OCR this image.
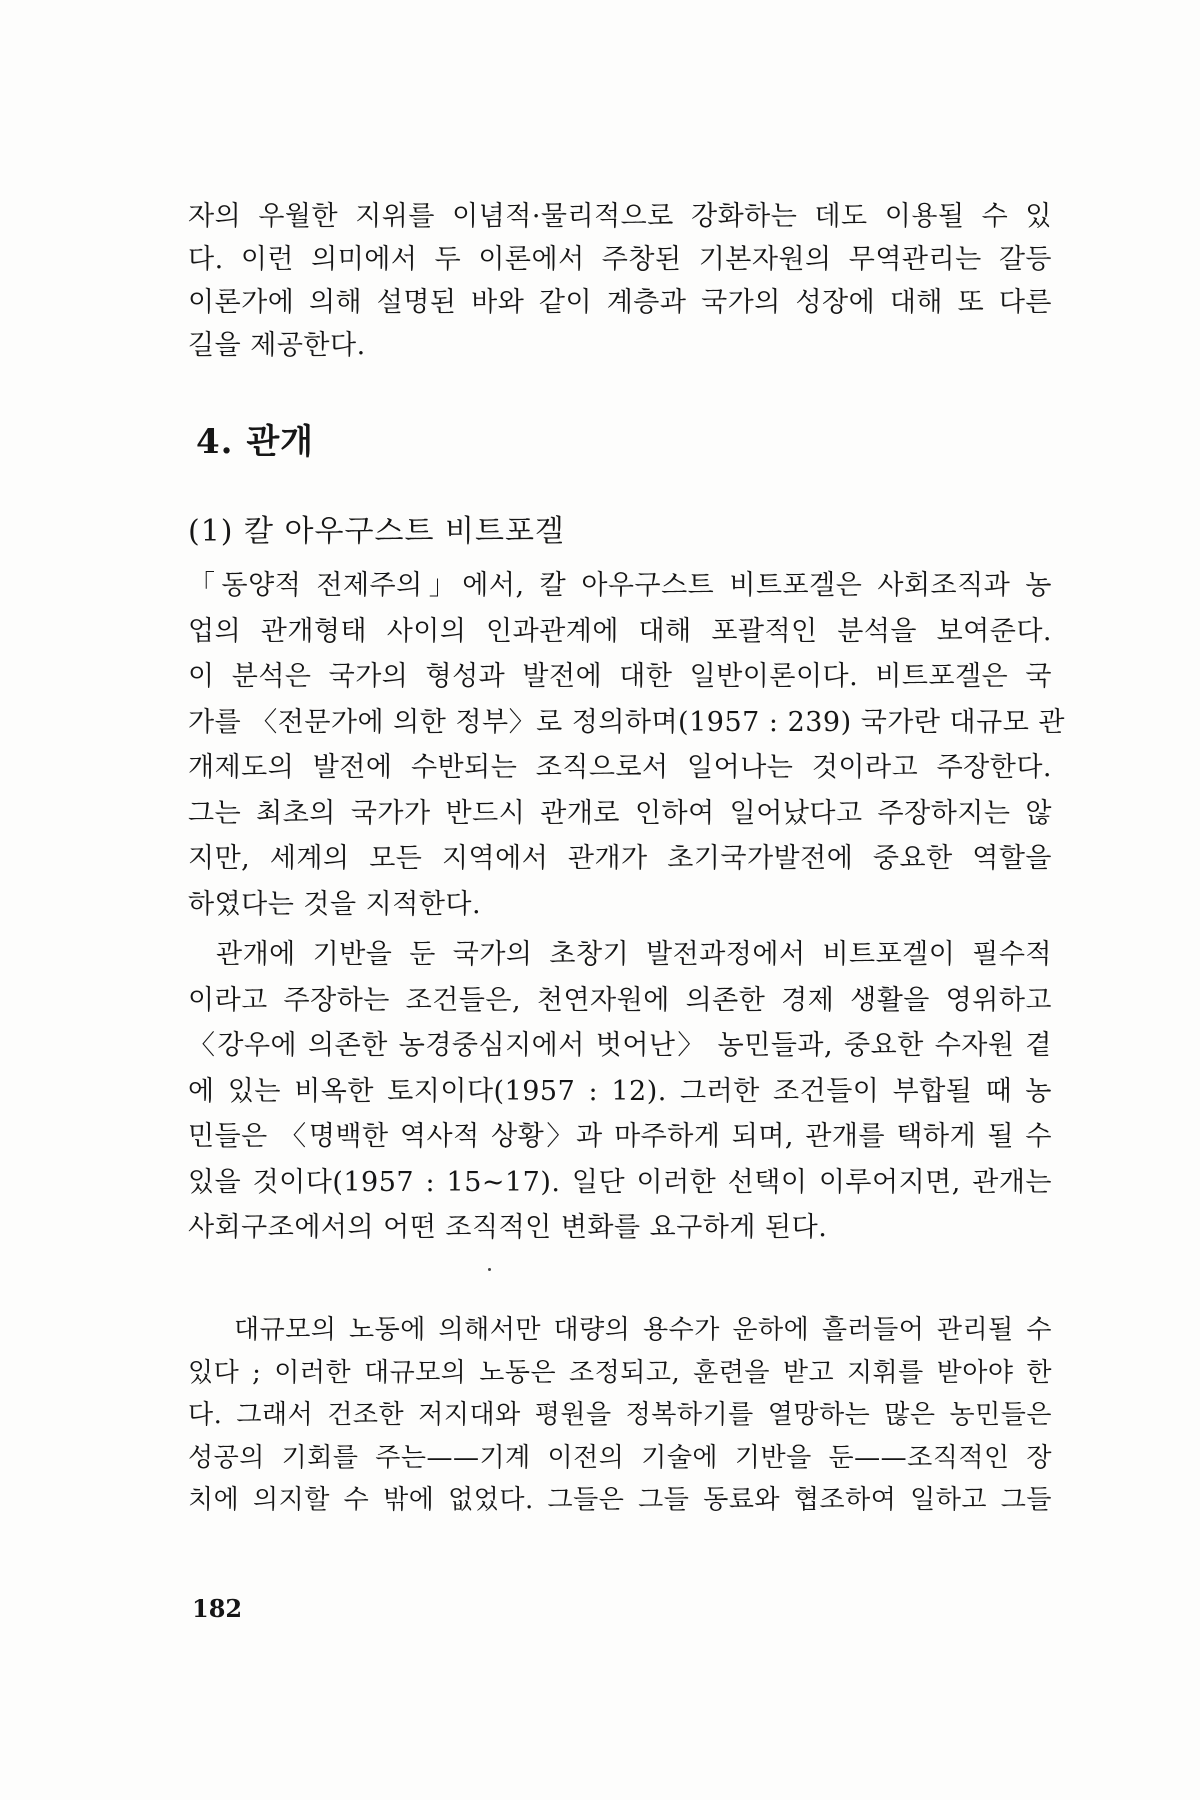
자의 우월한 지위를 이념적·물리적으로 강화하는 데도 이용될 수 있
다. 이런 의미에서 두 이론에서 주창된 기본자원의 무역관리는 갈등
이론가에 의해 설명된 바와 같이 계층과 국가의 성장에 대해 또 다른
길을 제공한다.
4. 관개
(1) 칼 아우구스트 비트포겔
「동양적 전제주의」에서, 칼 아우구스트 비트포겔은 사회조직과 농
업의 관개형태 사이의 인과관계에 대해 포괄적인 분석을 보여준다.
이 분석은 국가의 형성과 발전에 대한 일반이론이다. 비트포겔은 국
가를 〈전문가에 의한 정부〉로 정의하며(1957 : 239) 국가란 대규모 관
개제도의 발전에 수반되는 조직으로서 일어나는 것이라고 주장한다.
그는 최초의 국가가 반드시 관개로 인하여 일어났다고 주장하지는 않
지만, 세계의 모든 지역에서 관개가 초기국가발전에 중요한 역할을
하였다는 것을 지적한다.
관개에 기반을 둔 국가의 초창기 발전과정에서 비트포겔이 필수적
이라고 주장하는 조건들은, 천연자원에 의존한 경제 생활을 영위하고
〈강우에 의존한 농경중심지에서 벗어난〉 농민들과, 중요한 수자원 곁
에 있는 비옥한 토지이다(1957 : 12). 그러한 조건들이 부합될 때 농
민들은 〈명백한 역사적 상황〉과 마주하게 되며, 관개를 택하게 될 수
있을 것이다(1957 : 15~17). 일단 이러한 선택이 이루어지면, 관개는
사회구조에서의 어떤 조직적인 변화를 요구하게 된다.
대규모의 노동에 의해서만 대량의 용수가 운하에 흘러들어 관리될 수
있다 ; 이러한 대규모의 노동은 조정되고, 훈련을 받고 지휘를 받아야 한
다. 그래서 건조한 저지대와 평원을 정복하기를 열망하는 많은 농민들은
성공의 기회를 주는——기계 이전의 기술에 기반을 둔——조직적인 장
치에 의지할 수 밖에 없었다. 그들은 그들 동료와 협조하여 일하고 그들
182
